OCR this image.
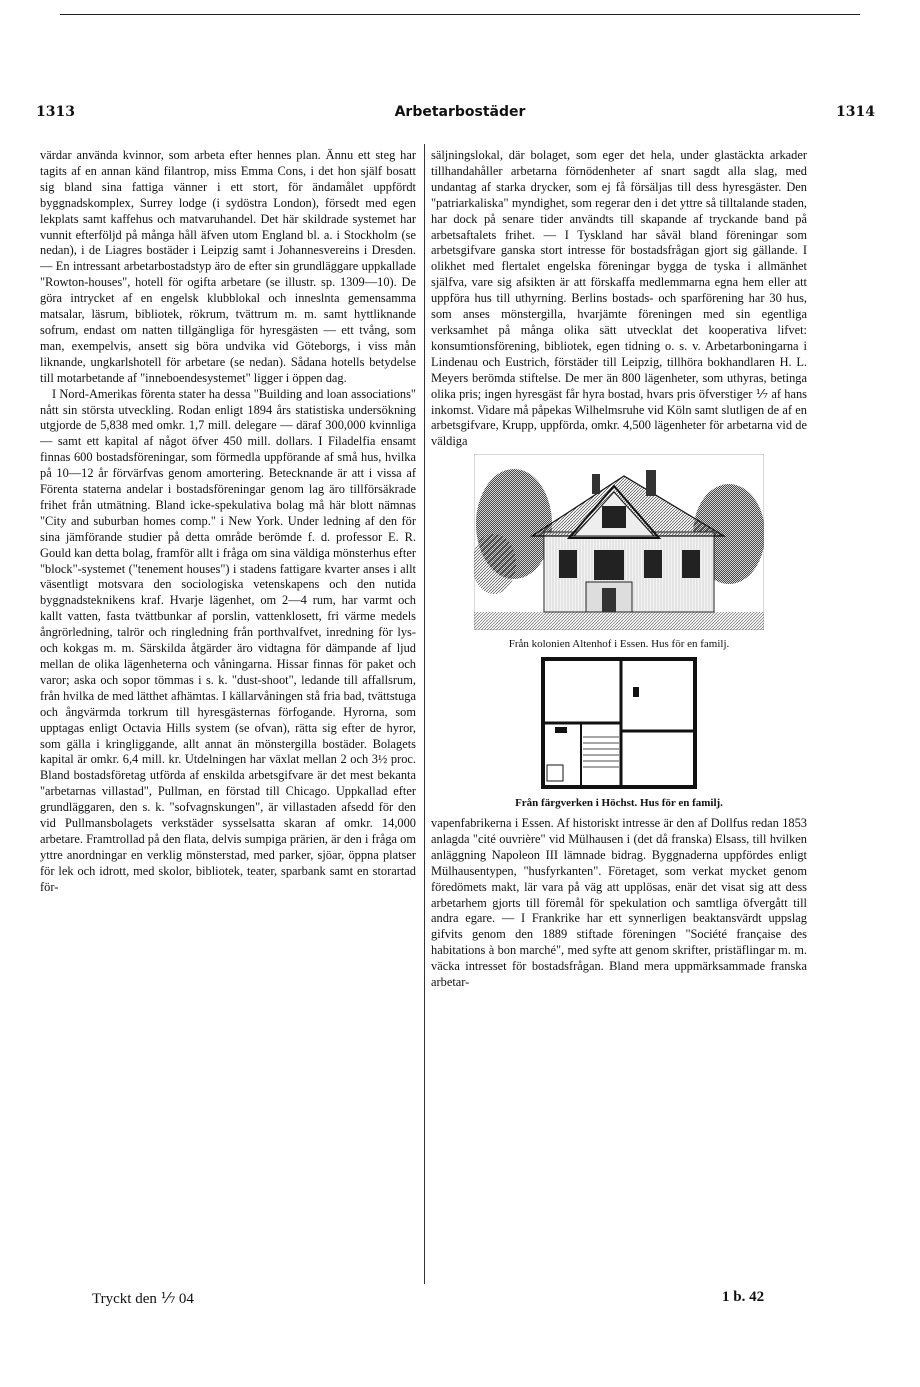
1313	Arbetarbostäder	1314

värdar använda kvinnor, som arbeta efter hennes plan. Ännu ett steg har tagits af en annan känd filantrop, miss Emma Cons, i det hon själf bosatt sig bland sina fattiga vänner i ett stort, för ändamålet uppfördt byggnadskomplex, Surrey lodge (i sydöstra London), försedt med egen lekplats samt kaffehus och matvaruhandel. Det här skildrade systemet har vunnit efterföljd på många håll äfven utom England bl. a. i Stockholm (se nedan), i de Liagres bostäder i Leipzig samt i Johannesvereins i Dresden. — En intressant arbetarbostadstyp äro de efter sin grundläggare uppkallade "Rowton-houses", hotell för ogifta arbetare (se illustr. sp. 1309—10). De göra intrycket af en engelsk klubblokal och inneslnta gemensamma matsalar, läsrum, bibliotek, rökrum, tvättrum m. m. samt hyttliknande sofrum, endast om natten tillgängliga för hyresgästen — ett tvång, som man, exempelvis, ansett sig böra undvika vid Göteborgs, i viss mån liknande, ungkarlshotell för arbetare (se nedan). Sådana hotells betydelse till motarbetande af "inneboendesystemet" ligger i öppen dag.

I Nord-Amerikas förenta stater ha dessa "Building and loan associations" nått sin största utveckling. Rodan enligt 1894 års statistiska undersökning utgjorde de 5,838 med omkr. 1,7 mill. delegare — däraf 300,000 kvinnliga — samt ett kapital af något öfver 450 mill. dollars. I Filadelfia ensamt finnas 600 bostadsföreningar, som förmedla uppförande af små hus, hvilka på 10—12 år förvärfvas genom amortering. Betecknande är att i vissa af Förenta staterna andelar i bostadsföreningar genom lag äro tillförsäkrade frihet från utmätning. Bland icke-spekulativa bolag må här blott nämnas "City and suburban homes comp." i New York. Under ledning af den för sina jämförande studier på detta område berömde f. d. professor E. R. Gould kan detta bolag, framför allt i fråga om sina väldiga mönsterhus efter "block"-systemet ("tenement houses") i stadens fattigare kvarter anses i allt väsentligt motsvara den sociologiska vetenskapens och den nutida byggnadsteknikens kraf. Hvarje lägenhet, om 2—4 rum, har varmt och kallt vatten, fasta tvättbunkar af porslin, vattenklosett, fri värme medels ångrörledning, talrör och ringledning från porthvalfvet, inredning för lys- och kokgas m. m. Särskilda åtgärder äro vidtagna för dämpande af ljud mellan de olika lägenheterna och våningarna. Hissar finnas för paket och varor; aska och sopor tömmas i s. k. "dust-shoot", ledande till affallsrum, från hvilka de med lätthet afhämtas. I källarvåningen stå fria bad, tvättstuga och ångvärmda torkrum till hyresgästernas förfogande. Hyrorna, som upptagas enligt Octavia Hills system (se ofvan), rätta sig efter de hyror, som gälla i kringliggande, allt annat än mönstergilla bostäder. Bolagets kapital är omkr. 6,4 mill. kr. Utdelningen har växlat mellan 2 och 3½ proc. Bland bostadsföretag utförda af enskilda arbetsgifvare är det mest bekanta "arbetarnas villastad", Pullman, en förstad till Chicago. Uppkallad efter grundläggaren, den s. k. "sofvagnskungen", är villastaden afsedd för den vid Pullmansbolagets verkstäder sysselsatta skaran af omkr. 14,000 arbetare. Framtrollad på den flata, delvis sumpiga prärien, är den i fråga om yttre anordningar en verklig mönsterstad, med parker, sjöar, öppna platser för lek och idrott, med skolor, bibliotek, teater, sparbank samt en storartad för-

säljningslokal, där bolaget, som eger det hela, under glastäckta arkader tillhandahåller arbetarna förnödenheter af snart sagdt alla slag, med undantag af starka drycker, som ej få försäljas till dess hyresgäster. Den "patriarkaliska" myndighet, som regerar den i det yttre så tilltalande staden, har dock på senare tider användts till skapande af tryckande band på arbetsaftalets frihet. — I Tyskland har såväl bland föreningar som arbetsgifvare ganska stort intresse för bostadsfrågan gjort sig gällande. I olikhet med flertalet engelska föreningar bygga de tyska i allmänhet själfva, vare sig afsikten är att förskaffa medlemmarna egna hem eller att uppföra hus till uthyrning. Berlins bostads- och sparförening har 30 hus, som anses mönstergilla, hvarjämte föreningen med sin egentliga verksamhet på många olika sätt utvecklat det kooperativa lifvet: konsumtionsförening, bibliotek, egen tidning o. s. v. Arbetarboningarna i Lindenau och Eustrich, förstäder till Leipzig, tillhöra bokhandlaren H. L. Meyers berömda stiftelse. De mer än 800 lägenheter, som uthyras, betinga olika pris; ingen hyresgäst får hyra bostad, hvars pris öfverstiger ⅐ af hans inkomst. Vidare må påpekas Wilhelmsruhe vid Köln samt slutligen de af en arbetsgifvare, Krupp, uppförda, omkr. 4,500 lägenheter för arbetarna vid de väldiga

Från kolonien Altenhof i Essen. Hus för en familj.
Från färgverken i Höchst. Hus för en familj.

vapenfabrikerna i Essen. Af historiskt intresse är den af Dollfus redan 1853 anlagda "cité ouvrière" vid Mülhausen i (det då franska) Elsass, till hvilken anläggning Napoleon III lämnade bidrag. Byggnaderna uppfördes enligt Mülhausentypen, "husfyrkanten". Företaget, som verkat mycket genom föredömets makt, lär vara på väg att upplösas, enär det visat sig att dess arbetarhem gjorts till föremål för spekulation och samtliga öfvergått till andra egare. — I Frankrike har ett synnerligen beaktansvärdt uppslag gifvits genom den 1889 stiftade föreningen "Société française des habitations à bon marché", med syfte att genom skrifter, pristäflingar m. m. väcka intresset för bostadsfrågan. Bland mera uppmärksammade franska arbetar-

Tryckt den ⅐ 04	1 b. 42
